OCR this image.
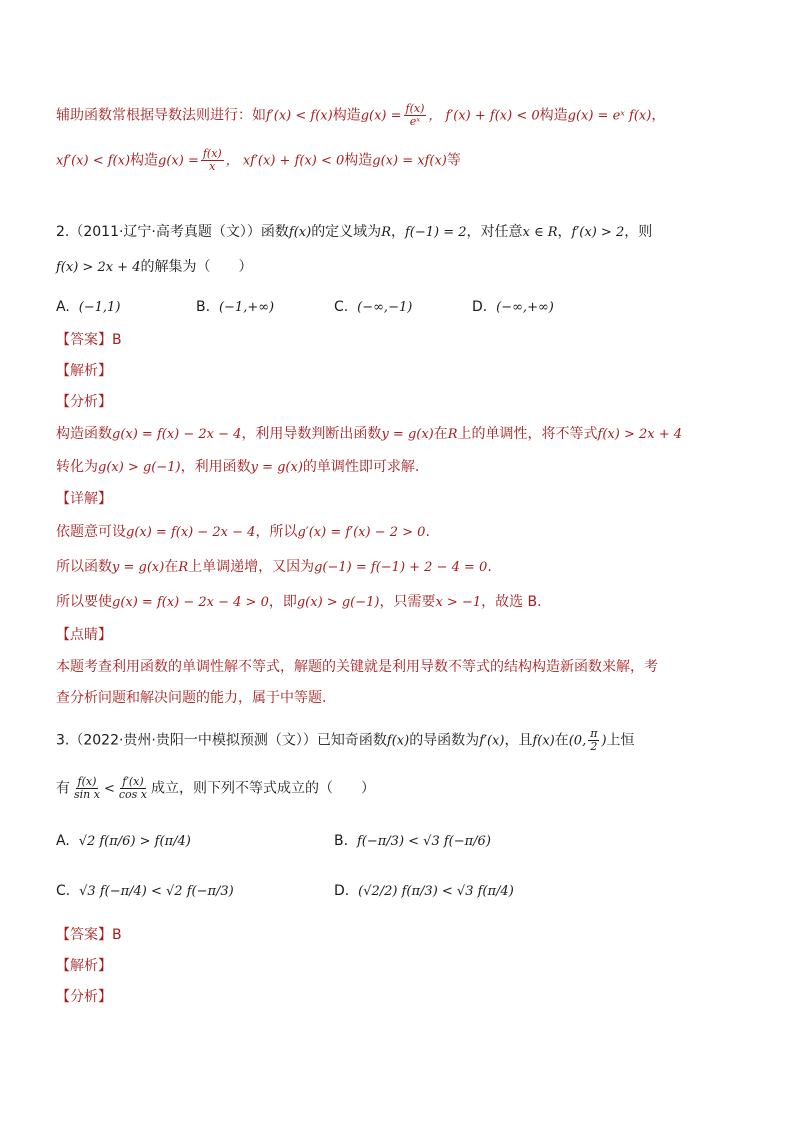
辅助函数常根据导数法则进行：如f′(x) < f(x)构造$g(x) = \frac{f(x)}{\text{eˣ}}$ ， f′(x) + f(x) < 0构造g(x) = eˣ f(x)，
xf′(x) < f(x)构造$g(x) = \frac{f(x)}{x}$ ， xf′(x) + f(x) < 0构造g(x) = xf(x)等
2.（2011·辽宁·高考真题（文））函数f(x)的定义域为R，f(−1) = 2，对任意x ∈ R，f′(x) > 2，则
f(x) > 2x + 4的解集为（　　）
A. (−1,1)	B. (−1,+∞)	C. (−∞,−1)	D. (−∞,+∞)
【答案】B
【解析】
【分析】
构造函数g(x) = f(x) − 2x − 4，利用导数判断出函数y = g(x)在R上的单调性，将不等式f(x) > 2x + 4
转化为g(x) > g(−1)，利用函数y = g(x)的单调性即可求解.
【详解】
依题意可设g(x) = f(x) − 2x − 4，所以g′(x) = f′(x) − 2 > 0.
所以函数y = g(x)在R上单调递增，又因为g(−1) = f(−1) + 2 − 4 = 0.
所以要使g(x) = f(x) − 2x − 4 > 0，即g(x) > g(−1)，只需要x > −1，故选 B.
【点睛】
本题考查利用函数的单调性解不等式，解题的关键就是利用导数不等式的结构构造新函数来解，考
查分析问题和解决问题的能力，属于中等题.
3.（2022·贵州·贵阳一中模拟预测（文））已知奇函数f(x)的导函数为f′(x)，且f(x)在(0, $\frac{\pi}{2}$ )上恒
有 $\frac{f(x)}{\text{sin x}} < \frac{f'(x)}{\text{cos x}}$ 成立，则下列不等式成立的（　　）
A. √2 f(π/6) > f(π/4)	B. f(−π/3) < √3 f(−π/6)
C. √3 f(−π/4) < √2 f(−π/3)	D. (√2/2) f(π/3) < √3 f(π/4)
【答案】B
【解析】
【分析】
